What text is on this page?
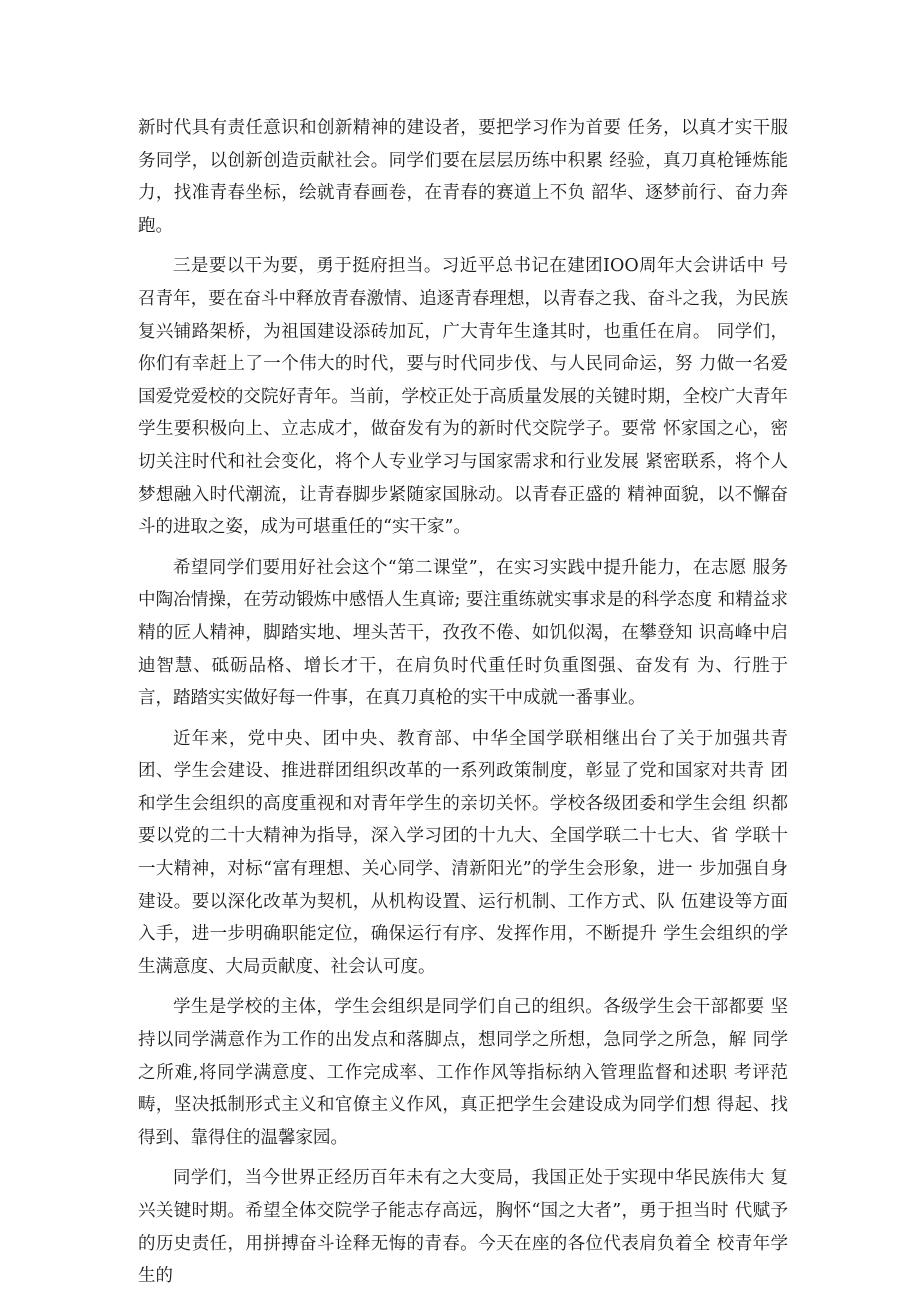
新时代具有责任意识和创新精神的建设者，要把学习作为首要 任务，以真才实干服务同学，以创新创造贡献社会。同学们要在层层历练中积累 经验，真刀真枪锤炼能力，找准青春坐标，绘就青春画卷，在青春的赛道上不负 韶华、逐梦前行、奋力奔跑。

三是要以干为要，勇于挺府担当。习近平总书记在建团IOO周年大会讲话中 号召青年，要在奋斗中释放青春激情、追逐青春理想，以青春之我、奋斗之我，为民族复兴铺路架桥，为祖国建设添砖加瓦，广大青年生逢其时，也重任在肩。 同学们，你们有幸赶上了一个伟大的时代，要与时代同步伐、与人民同命运，努 力做一名爱国爱党爱校的交院好青年。当前，学校正处于高质量发展的关键时期，全校广大青年学生要积极向上、立志成才，做奋发有为的新时代交院学子。要常 怀家国之心，密切关注时代和社会变化，将个人专业学习与国家需求和行业发展 紧密联系，将个人梦想融入时代潮流，让青春脚步紧随家国脉动。以青春正盛的 精神面貌，以不懈奋斗的进取之姿，成为可堪重任的“实干家”。

希望同学们要用好社会这个“第二课堂”，在实习实践中提升能力，在志愿 服务中陶冶情操，在劳动锻炼中感悟人生真谛; 要注重练就实事求是的科学态度 和精益求精的匠人精神，脚踏实地、埋头苦干，孜孜不倦、如饥似渴，在攀登知 识高峰中启迪智慧、砥砺品格、增长才干，在肩负时代重任时负重图强、奋发有 为、行胜于言，踏踏实实做好每一件事，在真刀真枪的实干中成就一番事业。

近年来，党中央、团中央、教育部、中华全国学联相继出台了关于加强共青 团、学生会建设、推进群团组织改革的一系列政策制度，彰显了党和国家对共青 团和学生会组织的高度重视和对青年学生的亲切关怀。学校各级团委和学生会组 织都要以党的二十大精神为指导，深入学习团的十九大、全国学联二十七大、省 学联十一大精神，对标“富有理想、关心同学、清新阳光”的学生会形象，进一 步加强自身建设。要以深化改革为契机，从机构设置、运行机制、工作方式、队 伍建设等方面入手，进一步明确职能定位，确保运行有序、发挥作用，不断提升 学生会组织的学生满意度、大局贡献度、社会认可度。

学生是学校的主体，学生会组织是同学们自己的组织。各级学生会干部都要 坚持以同学满意作为工作的出发点和落脚点，想同学之所想，急同学之所急，解 同学之所难,将同学满意度、工作完成率、工作作风等指标纳入管理监督和述职 考评范畴，坚决抵制形式主义和官僚主义作风，真正把学生会建设成为同学们想 得起、找得到、靠得住的温馨家园。

同学们，当今世界正经历百年未有之大变局，我国正处于实现中华民族伟大 复兴关键时期。希望全体交院学子能志存高远，胸怀“国之大者”，勇于担当时 代赋予的历史责任，用拼搏奋斗诠释无悔的青春。今天在座的各位代表肩负着全 校青年学生的
